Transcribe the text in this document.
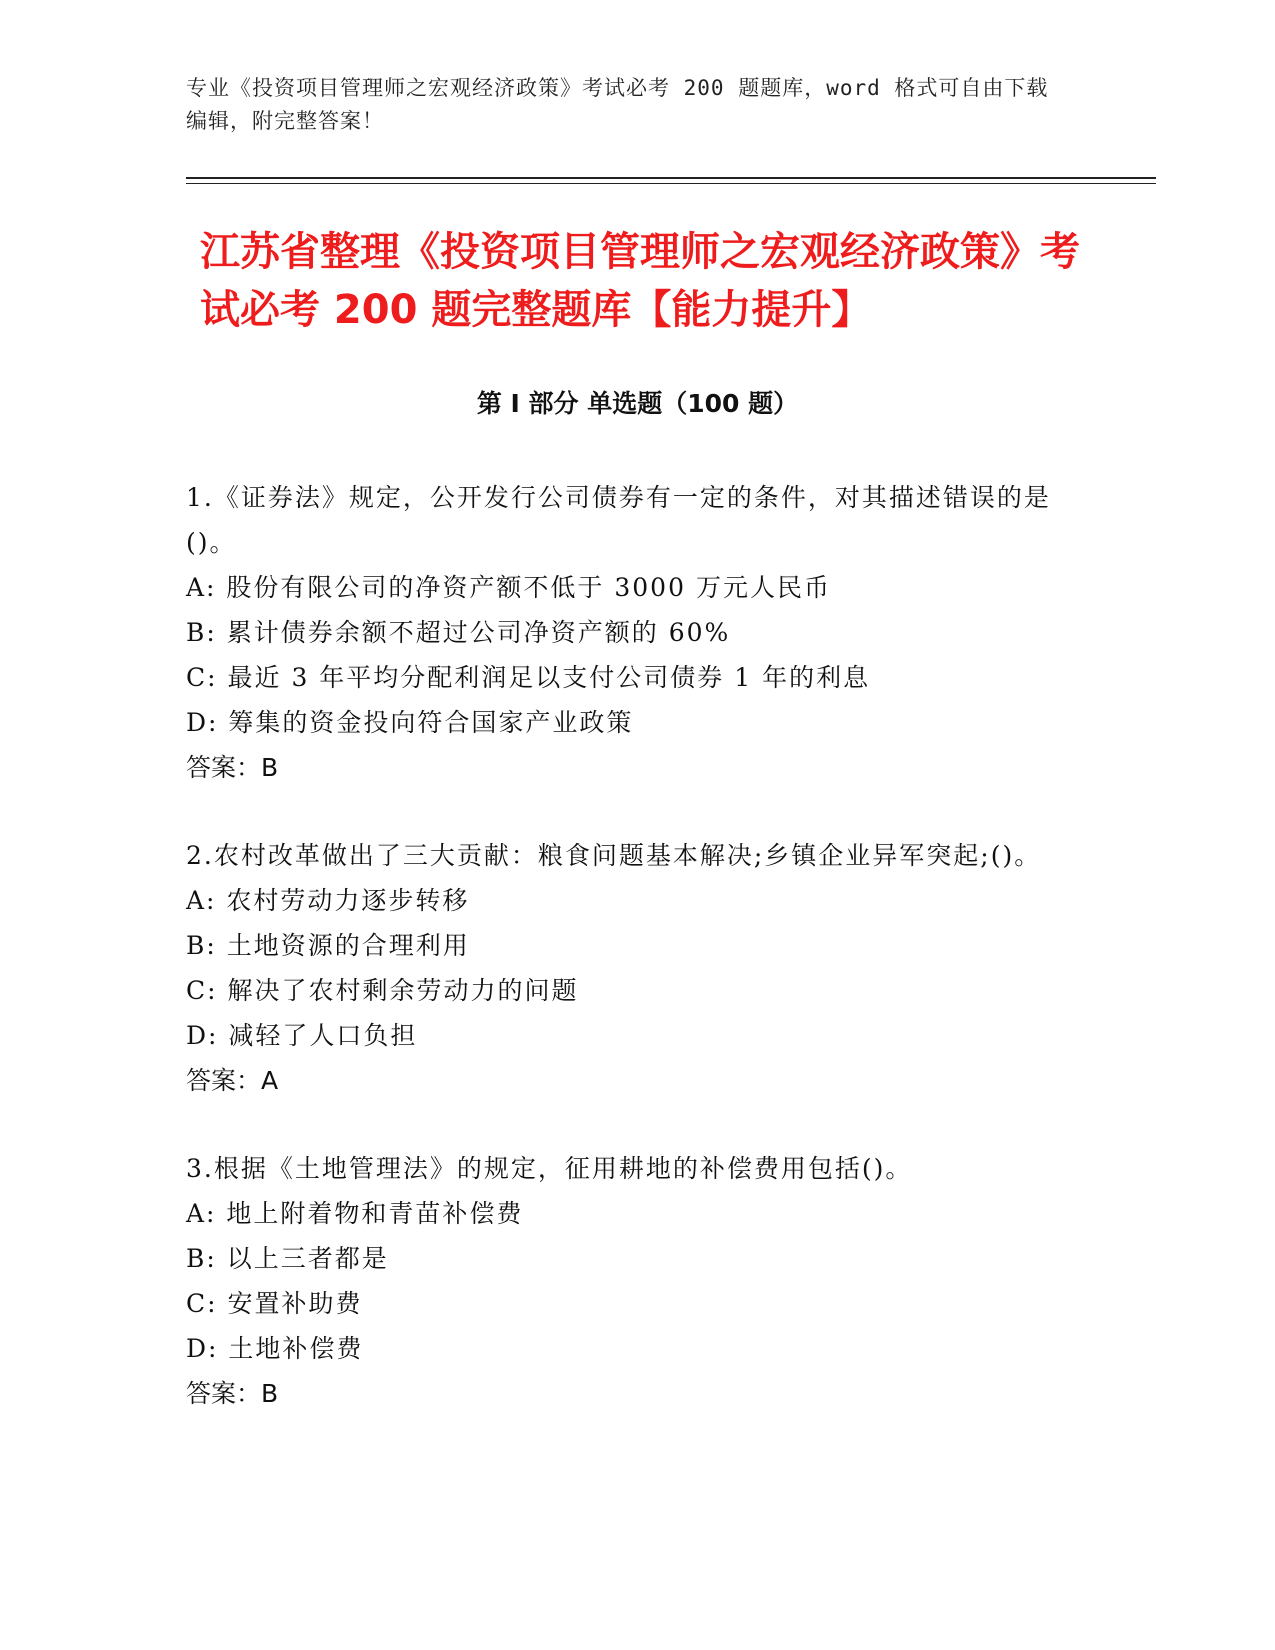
专业《投资项目管理师之宏观经济政策》考试必考 200 题题库，word 格式可自由下载编辑，附完整答案！
江苏省整理《投资项目管理师之宏观经济政策》考试必考 200 题完整题库【能力提升】
第 I 部分 单选题（100 题）
1.《证券法》规定，公开发行公司债券有一定的条件，对其描述错误的是()。
A: 股份有限公司的净资产额不低于 3000 万元人民币
B: 累计债券余额不超过公司净资产额的 60%
C: 最近 3 年平均分配利润足以支付公司债券 1 年的利息
D: 筹集的资金投向符合国家产业政策
答案：B
2.农村改革做出了三大贡献：粮食问题基本解决;乡镇企业异军突起;()。
A: 农村劳动力逐步转移
B: 土地资源的合理利用
C: 解决了农村剩余劳动力的问题
D: 减轻了人口负担
答案：A
3.根据《土地管理法》的规定，征用耕地的补偿费用包括()。
A: 地上附着物和青苗补偿费
B: 以上三者都是
C: 安置补助费
D: 土地补偿费
答案：B
